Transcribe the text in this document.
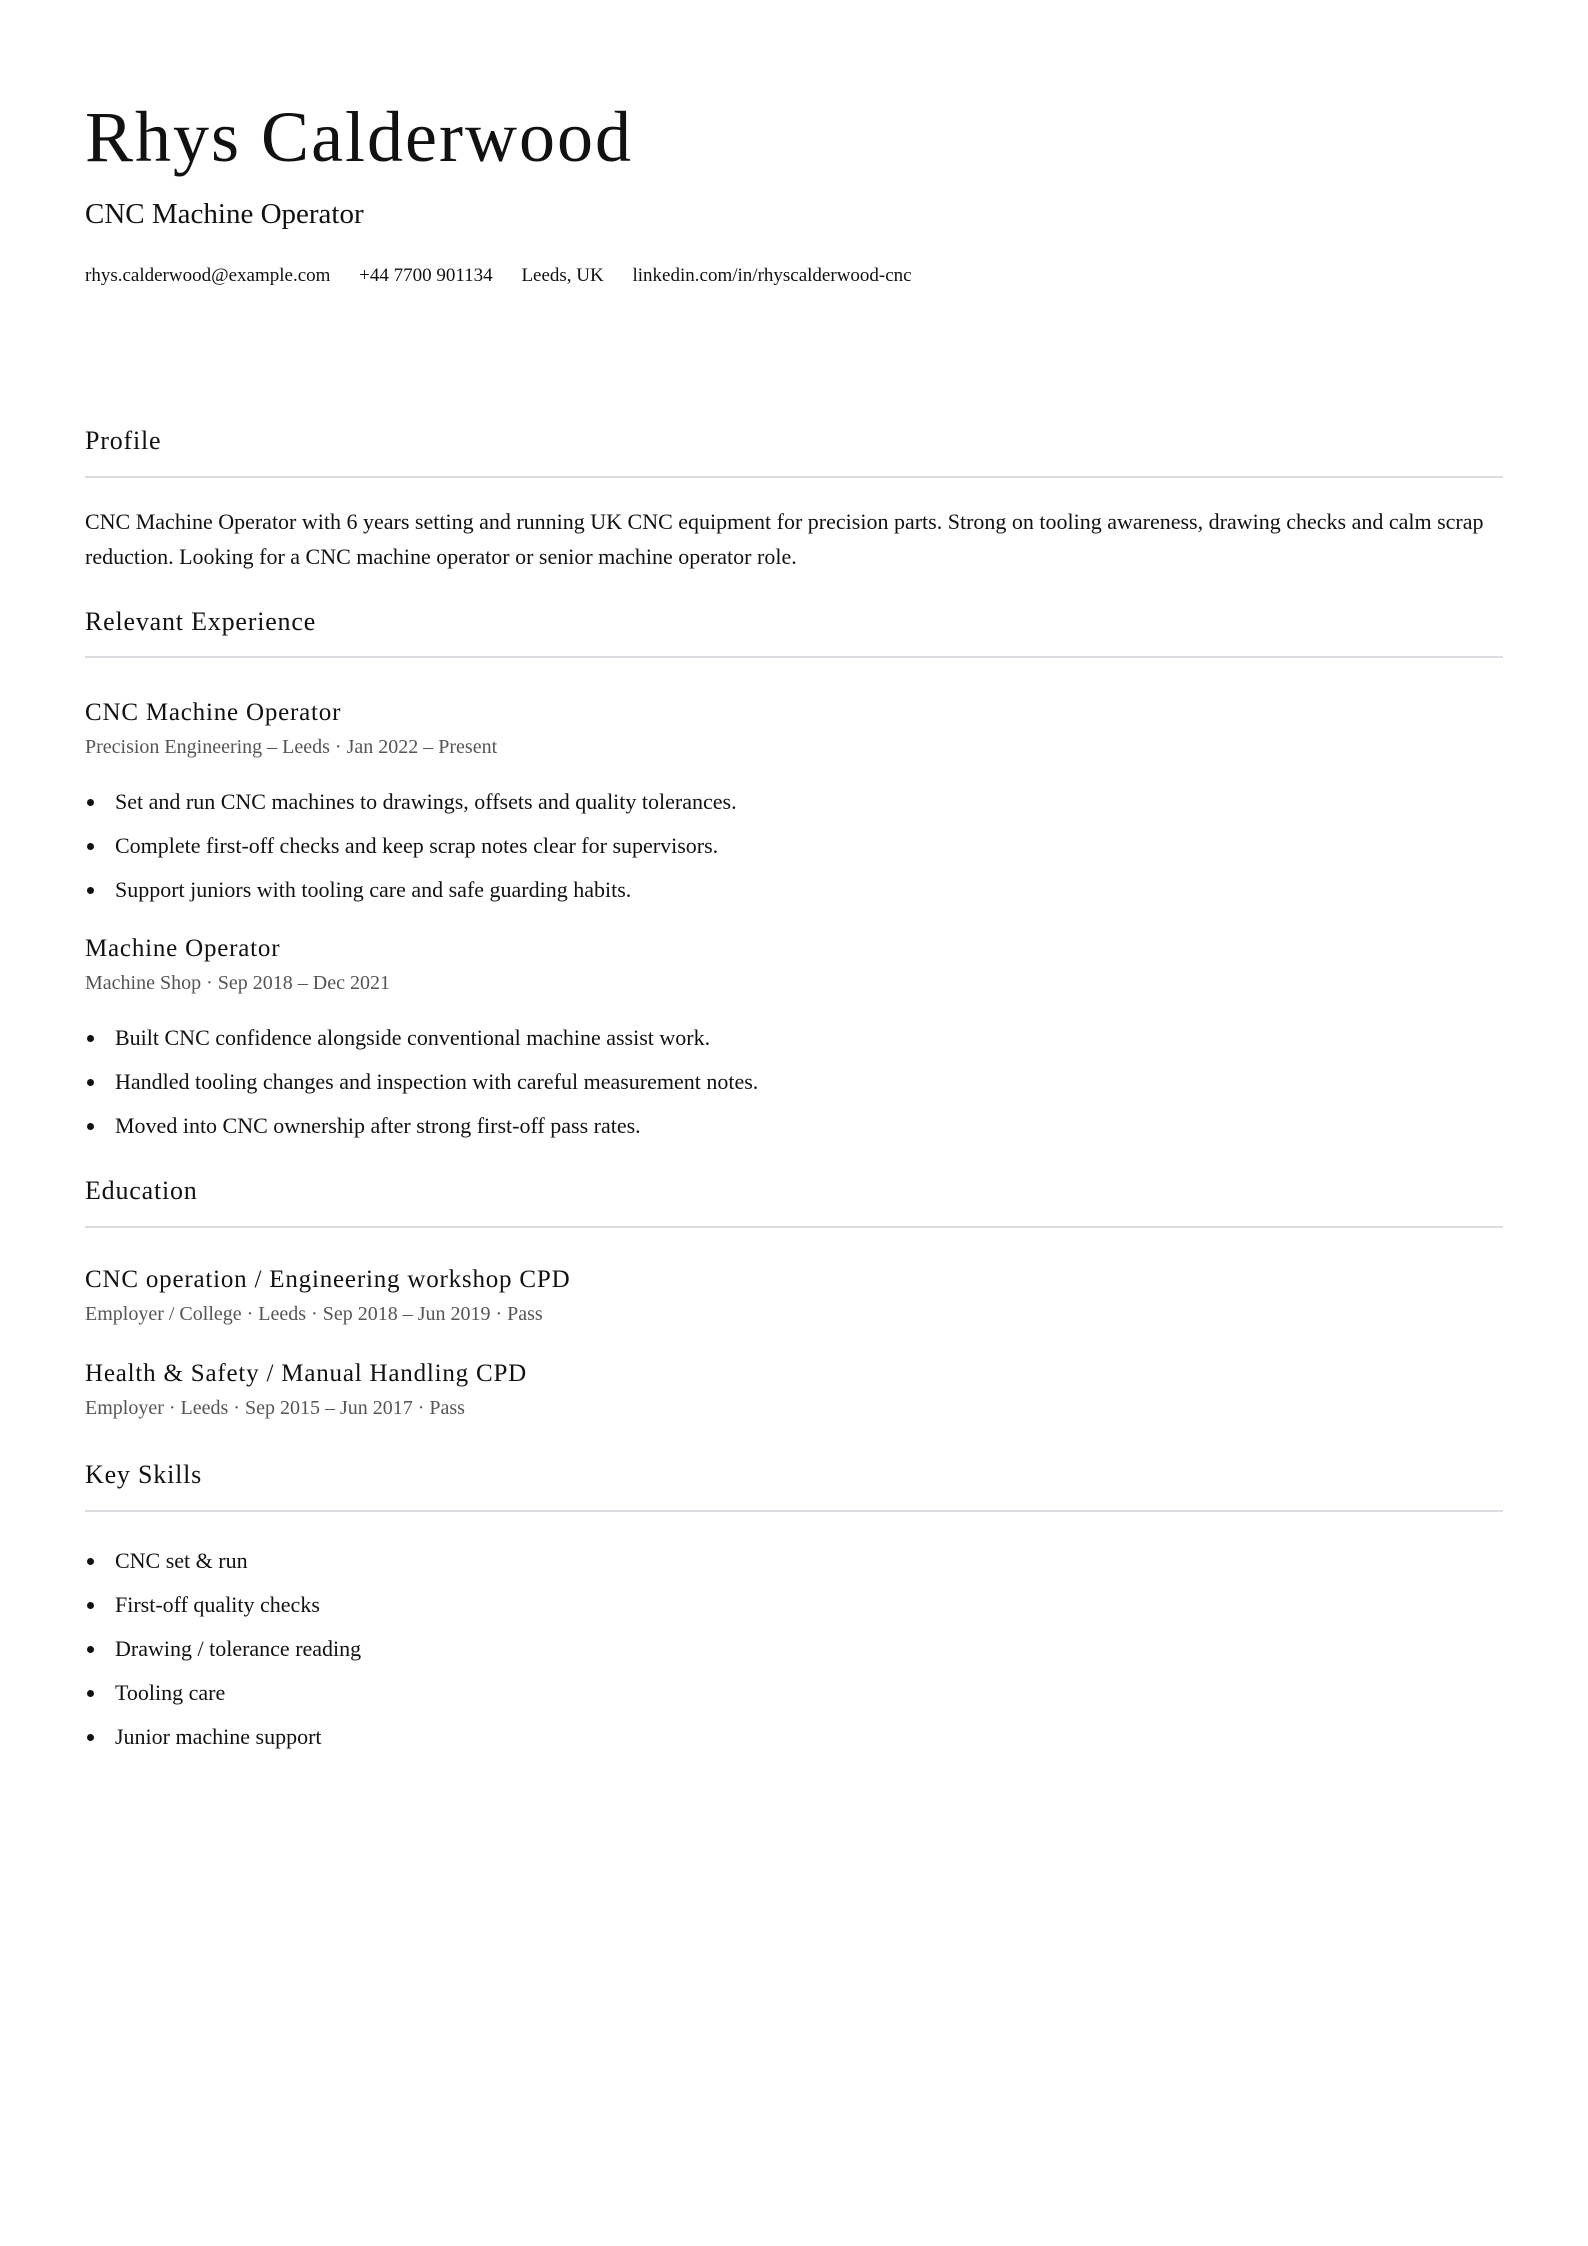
Rhys Calderwood
CNC Machine Operator
rhys.calderwood@example.com +44 7700 901134 Leeds, UK linkedin.com/in/rhyscalderwood-cnc
Profile
CNC Machine Operator with 6 years setting and running UK CNC equipment for precision parts. Strong on tooling awareness, drawing checks and calm scrap reduction. Looking for a CNC machine operator or senior machine operator role.
Relevant Experience
CNC Machine Operator
Precision Engineering – Leeds · Jan 2022 – Present
Set and run CNC machines to drawings, offsets and quality tolerances.
Complete first-off checks and keep scrap notes clear for supervisors.
Support juniors with tooling care and safe guarding habits.
Machine Operator
Machine Shop · Sep 2018 – Dec 2021
Built CNC confidence alongside conventional machine assist work.
Handled tooling changes and inspection with careful measurement notes.
Moved into CNC ownership after strong first-off pass rates.
Education
CNC operation / Engineering workshop CPD
Employer / College · Leeds · Sep 2018 – Jun 2019 · Pass
Health & Safety / Manual Handling CPD
Employer · Leeds · Sep 2015 – Jun 2017 · Pass
Key Skills
CNC set & run
First-off quality checks
Drawing / tolerance reading
Tooling care
Junior machine support
